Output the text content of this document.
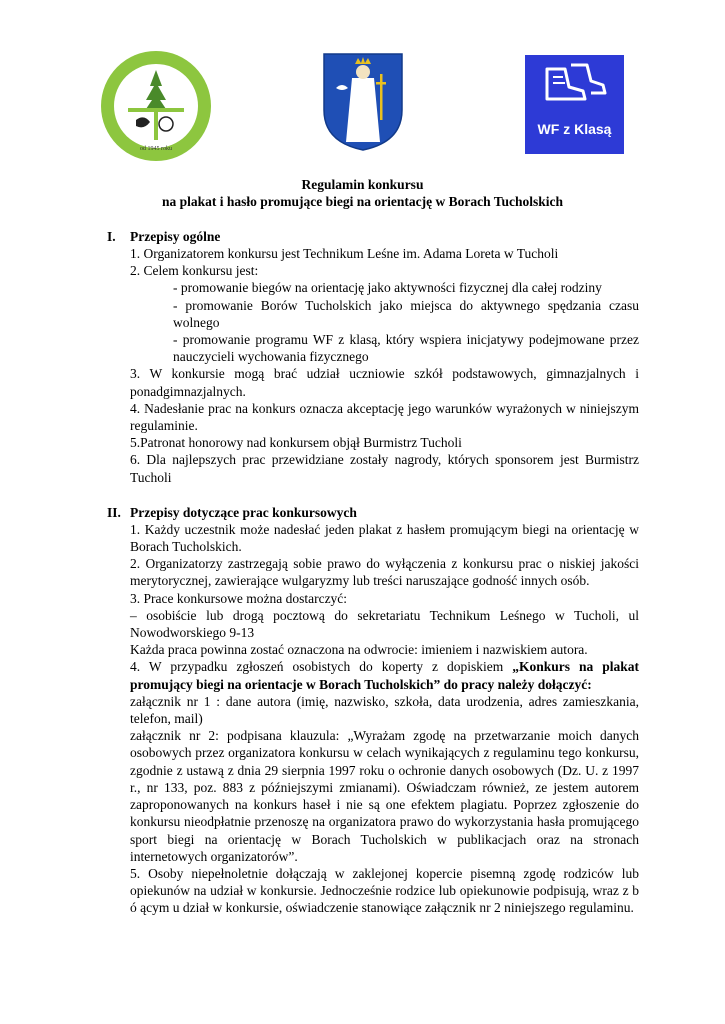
od 1945 roku
WF z Klasą
Regulamin konkursu
na plakat i hasło promujące biegi na orientację w Borach Tucholskich
I. Przepisy ogólne
1. Organizatorem konkursu jest Technikum Leśne im. Adama Loreta w Tucholi
2. Celem konkursu jest:
- promowanie biegów na orientację jako aktywności fizycznej dla całej rodziny
- promowanie Borów Tucholskich jako miejsca do aktywnego spędzania czasu wolnego
- promowanie programu WF z klasą, który wspiera inicjatywy podejmowane przez nauczycieli wychowania fizycznego
3. W konkursie mogą brać udział uczniowie szkół podstawowych, gimnazjalnych i ponadgimnazjalnych.
4. Nadesłanie prac na konkurs oznacza akceptację jego warunków wyrażonych w niniejszym regulaminie.
5.Patronat honorowy nad konkursem objął Burmistrz Tucholi
6. Dla najlepszych prac przewidziane zostały nagrody, których sponsorem jest Burmistrz Tucholi
II. Przepisy dotyczące prac konkursowych
1. Każdy uczestnik może nadesłać jeden plakat z hasłem promującym biegi na orientację w Borach Tucholskich.
2. Organizatorzy zastrzegają sobie prawo do wyłączenia z konkursu prac o niskiej jakości merytorycznej, zawierające wulgaryzmy lub treści naruszające godność innych osób.
3. Prace konkursowe można dostarczyć:
– osobiście lub drogą pocztową do sekretariatu Technikum Leśnego w Tucholi, ul Nowodworskiego 9-13
Każda praca powinna zostać oznaczona na odwrocie: imieniem i nazwiskiem autora.
4. W przypadku zgłoszeń osobistych do koperty z dopiskiem „Konkurs na plakat promujący biegi na orientacje w Borach Tucholskich” do pracy należy dołączyć:
załącznik nr 1 : dane autora (imię, nazwisko, szkoła, data urodzenia, adres zamieszkania, telefon, mail)
załącznik nr 2: podpisana klauzula: „Wyrażam zgodę na przetwarzanie moich danych osobowych przez organizatora konkursu w celach wynikających z regulaminu tego konkursu, zgodnie z ustawą z dnia 29 sierpnia 1997 roku o ochronie danych osobowych (Dz. U. z 1997 r., nr 133, poz. 883 z późniejszymi zmianami). Oświadczam również, ze jestem autorem zaproponowanych na konkurs haseł i nie są one efektem plagiatu. Poprzez zgłoszenie do konkursu nieodpłatnie przenoszę na organizatora prawo do wykorzystania hasła promującego sport biegi na orientację w Borach Tucholskich w publikacjach oraz na stronach internetowych organizatorów”.
5. Osoby niepełnoletnie dołączają w zaklejonej kopercie pisemną zgodę rodziców lub opiekunów na udział w konkursie. Jednocześnie rodzice lub opiekunowie podpisują, wraz z b ó ącym u dział w konkursie, oświadczenie stanowiące załącznik nr 2 niniejszego regulaminu.
